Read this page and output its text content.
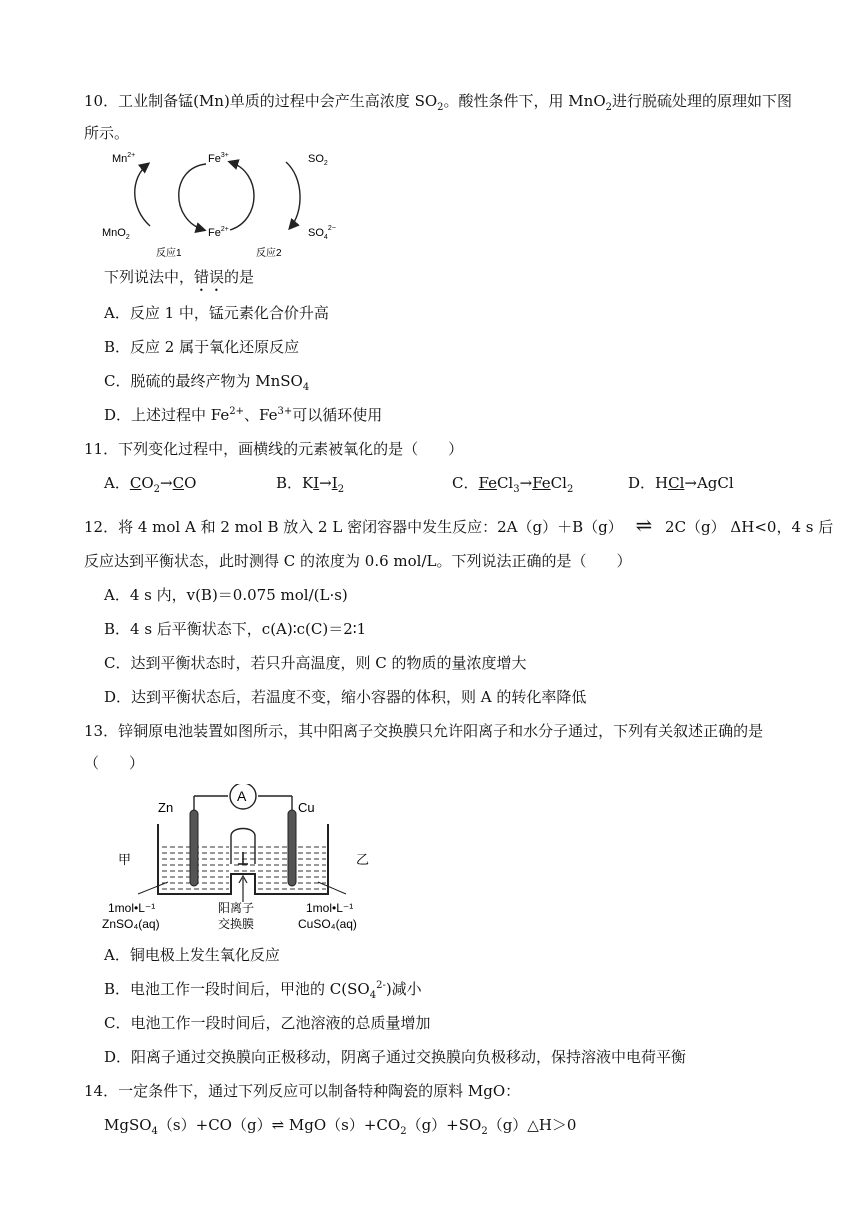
10．工业制备锰(Mn)单质的过程中会产生高浓度 $SO_2$。酸性条件下，用 MnO$_2$进行脱硫处理的原理如下图
所示。
$Mn^{2+}$	$Fe^{3+}$	$SO_2$
MnO$_2$	$Fe^{2+}$	$SO_4^{2-}$
反应1	反应2
下列说法中，错误的是
A．反应 1 中，锰元素化合价升高
B．反应 2 属于氧化还原反应
C．脱硫的最终产物为 MnSO$_4$
D．上述过程中 $Fe^{2+}$、$Fe^{3+}$可以循环使用
11．下列变化过程中，画横线的元素被氧化的是（　　）
A．$CO_2\to CO$	B．$KI\to I_2$	C．FeCl$_3$→FeCl$_2$	D．HCl→AgCl
12．将 4 mol A 和 2 mol B 放入 2 L 密闭容器中发生反应：2A（g）＋B（g） ⇌ 2C（g） ΔH<0，4 s 后
反应达到平衡状态，此时测得 C 的浓度为 0.6 mol/L。下列说法正确的是（　　）
A．4 s 内，v(B)＝0.075 mol/(L·s)
B．4 s 后平衡状态下，c(A)∶c(C)＝2∶1
C．达到平衡状态时，若只升高温度，则 C 的物质的量浓度增大
D．达到平衡状态后，若温度不变，缩小容器的体积，则 A 的转化率降低
13．锌铜原电池装置如图所示，其中阳离子交换膜只允许阳离子和水分子通过，下列有关叙述正确的是
（　　）
A
Zn	Cu
甲	乙
1mol•L⁻¹
ZnSO₄(aq)
阳离子
交换膜
1mol•L⁻¹
CuSO₄(aq)
A．铜电极上发生氧化反应
B．电池工作一段时间后，甲池的 $C(SO_4^{2-})$减小
C．电池工作一段时间后，乙池溶液的总质量增加
D．阳离子通过交换膜向正极移动，阴离子通过交换膜向负极移动，保持溶液中电荷平衡
14．一定条件下，通过下列反应可以制备特种陶瓷的原料 MgO：
MgSO$_4$（s）+CO（g）⇌ $MgO(s)+CO_2(g)+SO_2(g)\triangle H>0$
